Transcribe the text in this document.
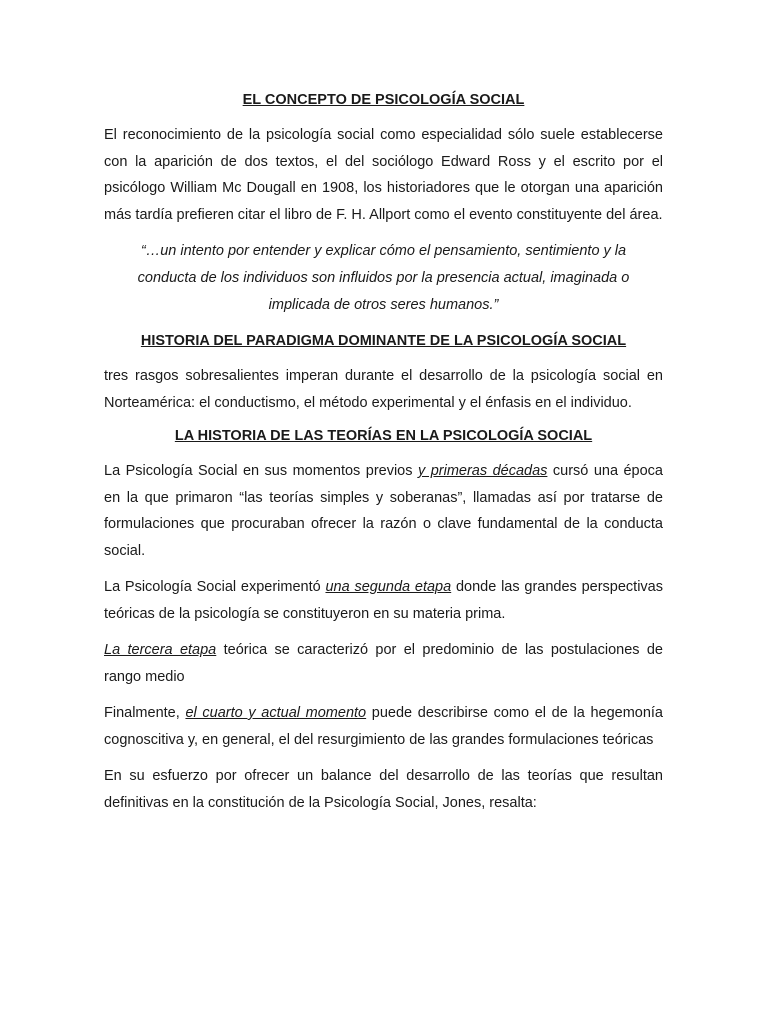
EL CONCEPTO DE PSICOLOGÍA SOCIAL

El reconocimiento de la psicología social como especialidad sólo suele establecerse con la aparición de dos textos, el del sociólogo Edward Ross y el escrito por el psicólogo William Mc Dougall en 1908, los historiadores que le otorgan una aparición más tardía prefieren citar el libro de F. H. Allport como el evento constituyente del área.

“…un intento por entender y explicar cómo el pensamiento, sentimiento y la conducta de los individuos son influidos por la presencia actual, imaginada o implicada de otros seres humanos.”

HISTORIA DEL PARADIGMA DOMINANTE DE LA PSICOLOGÍA SOCIAL

tres rasgos sobresalientes imperan durante el desarrollo de la psicología social en Norteamérica: el conductismo, el método experimental y el énfasis en el individuo.

LA HISTORIA DE LAS TEORÍAS EN LA PSICOLOGÍA SOCIAL

La Psicología Social en sus momentos previos y primeras décadas cursó una época en la que primaron “las teorías simples y soberanas”, llamadas así por tratarse de formulaciones que procuraban ofrecer la razón o clave fundamental de la conducta social.

La Psicología Social experimentó una segunda etapa donde las grandes perspectivas teóricas de la psicología se constituyeron en su materia prima.

La tercera etapa teórica se caracterizó por el predominio de las postulaciones de rango medio

Finalmente, el cuarto y actual momento puede describirse como el de la hegemonía cognoscitiva y, en general, el del resurgimiento de las grandes formulaciones teóricas

En su esfuerzo por ofrecer un balance del desarrollo de las teorías que resultan definitivas en la constitución de la Psicología Social, Jones, resalta:
